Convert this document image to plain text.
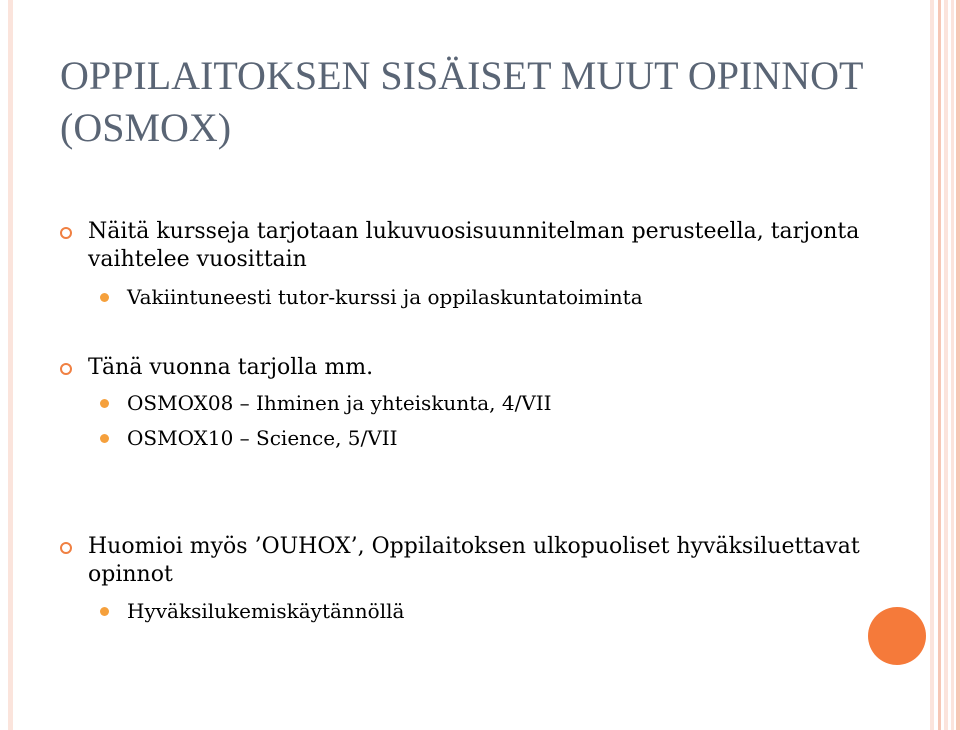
OPPILAITOKSEN SISÄISET MUUT OPINNOT (OSMOX)
Näitä kursseja tarjotaan lukuvuosisuunnitelman perusteella, tarjonta vaihtelee vuosittain
Vakiintuneesti tutor-kurssi ja oppilaskuntatoiminta
Tänä vuonna tarjolla mm.
OSMOX08 – Ihminen ja yhteiskunta, 4/VII
OSMOX10 – Science, 5/VII
Huomioi myös ’OUHOX’, Oppilaitoksen ulkopuoliset hyväksiluettavat opinnot
Hyväksilukemiskäytännöllä
